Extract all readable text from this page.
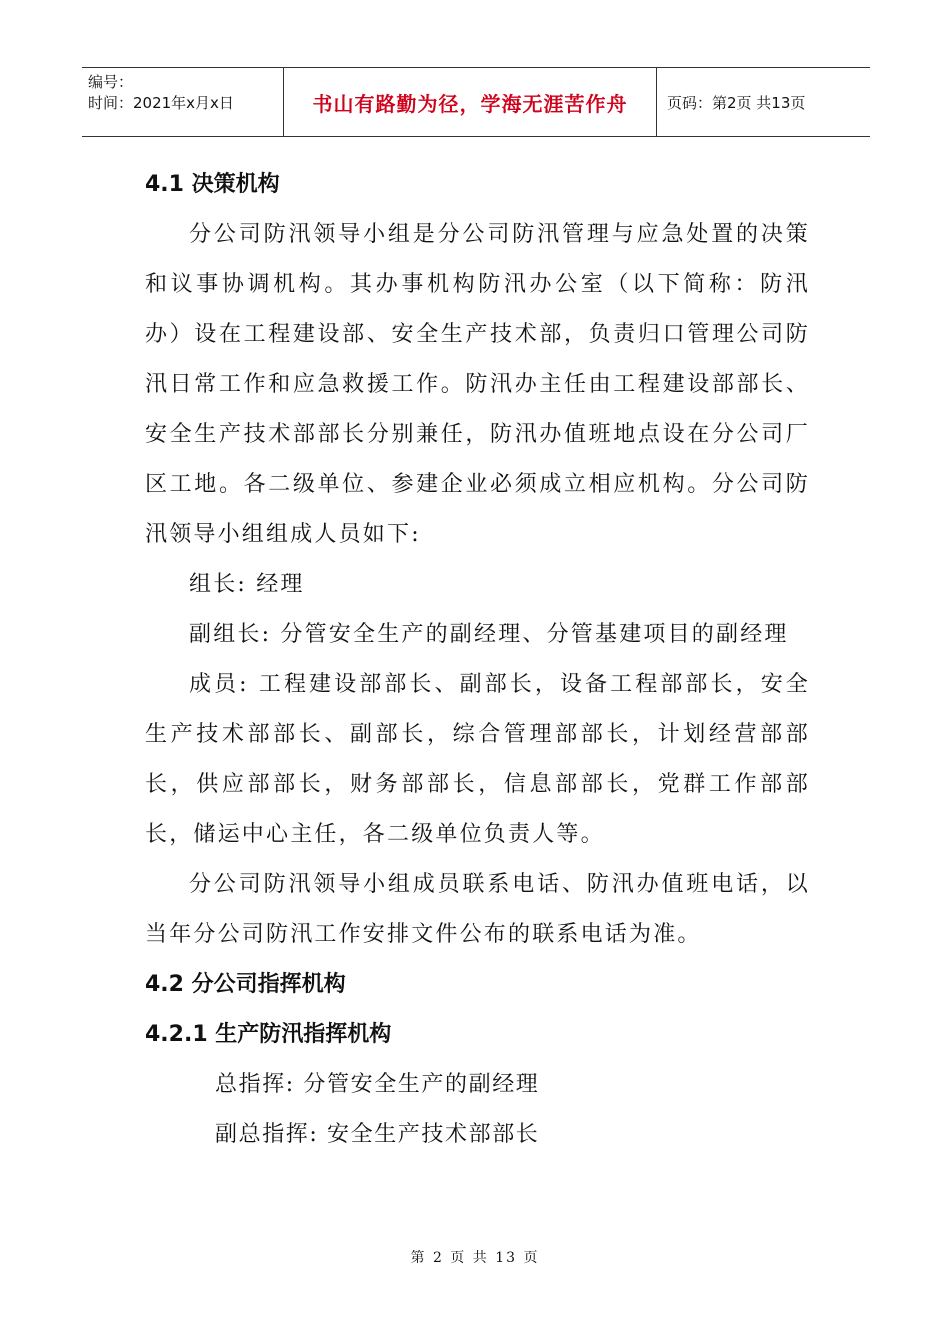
编号：
时间：2021年x月x日	书山有路勤为径，学海无涯苦作舟	页码：第2页 共13页
4.1 决策机构

分公司防汛领导小组是分公司防汛管理与应急处置的决策和议事协调机构。其办事机构防汛办公室（以下简称：防汛办）设在工程建设部、安全生产技术部，负责归口管理公司防汛日常工作和应急救援工作。防汛办主任由工程建设部部长、安全生产技术部部长分别兼任，防汛办值班地点设在分公司厂区工地。各二级单位、参建企业必须成立相应机构。分公司防汛领导小组组成人员如下:

组长: 经理

副组长: 分管安全生产的副经理、分管基建项目的副经理

成员: 工程建设部部长、副部长，设备工程部部长，安全生产技术部部长、副部长，综合管理部部长，计划经营部部长，供应部部长，财务部部长，信息部部长，党群工作部部长，储运中心主任，各二级单位负责人等。

分公司防汛领导小组成员联系电话、防汛办值班电话，以当年分公司防汛工作安排文件公布的联系电话为准。

4.2 分公司指挥机构
4.2.1 生产防汛指挥机构

总指挥: 分管安全生产的副经理

副总指挥: 安全生产技术部部长

第 2 页 共 13 页
